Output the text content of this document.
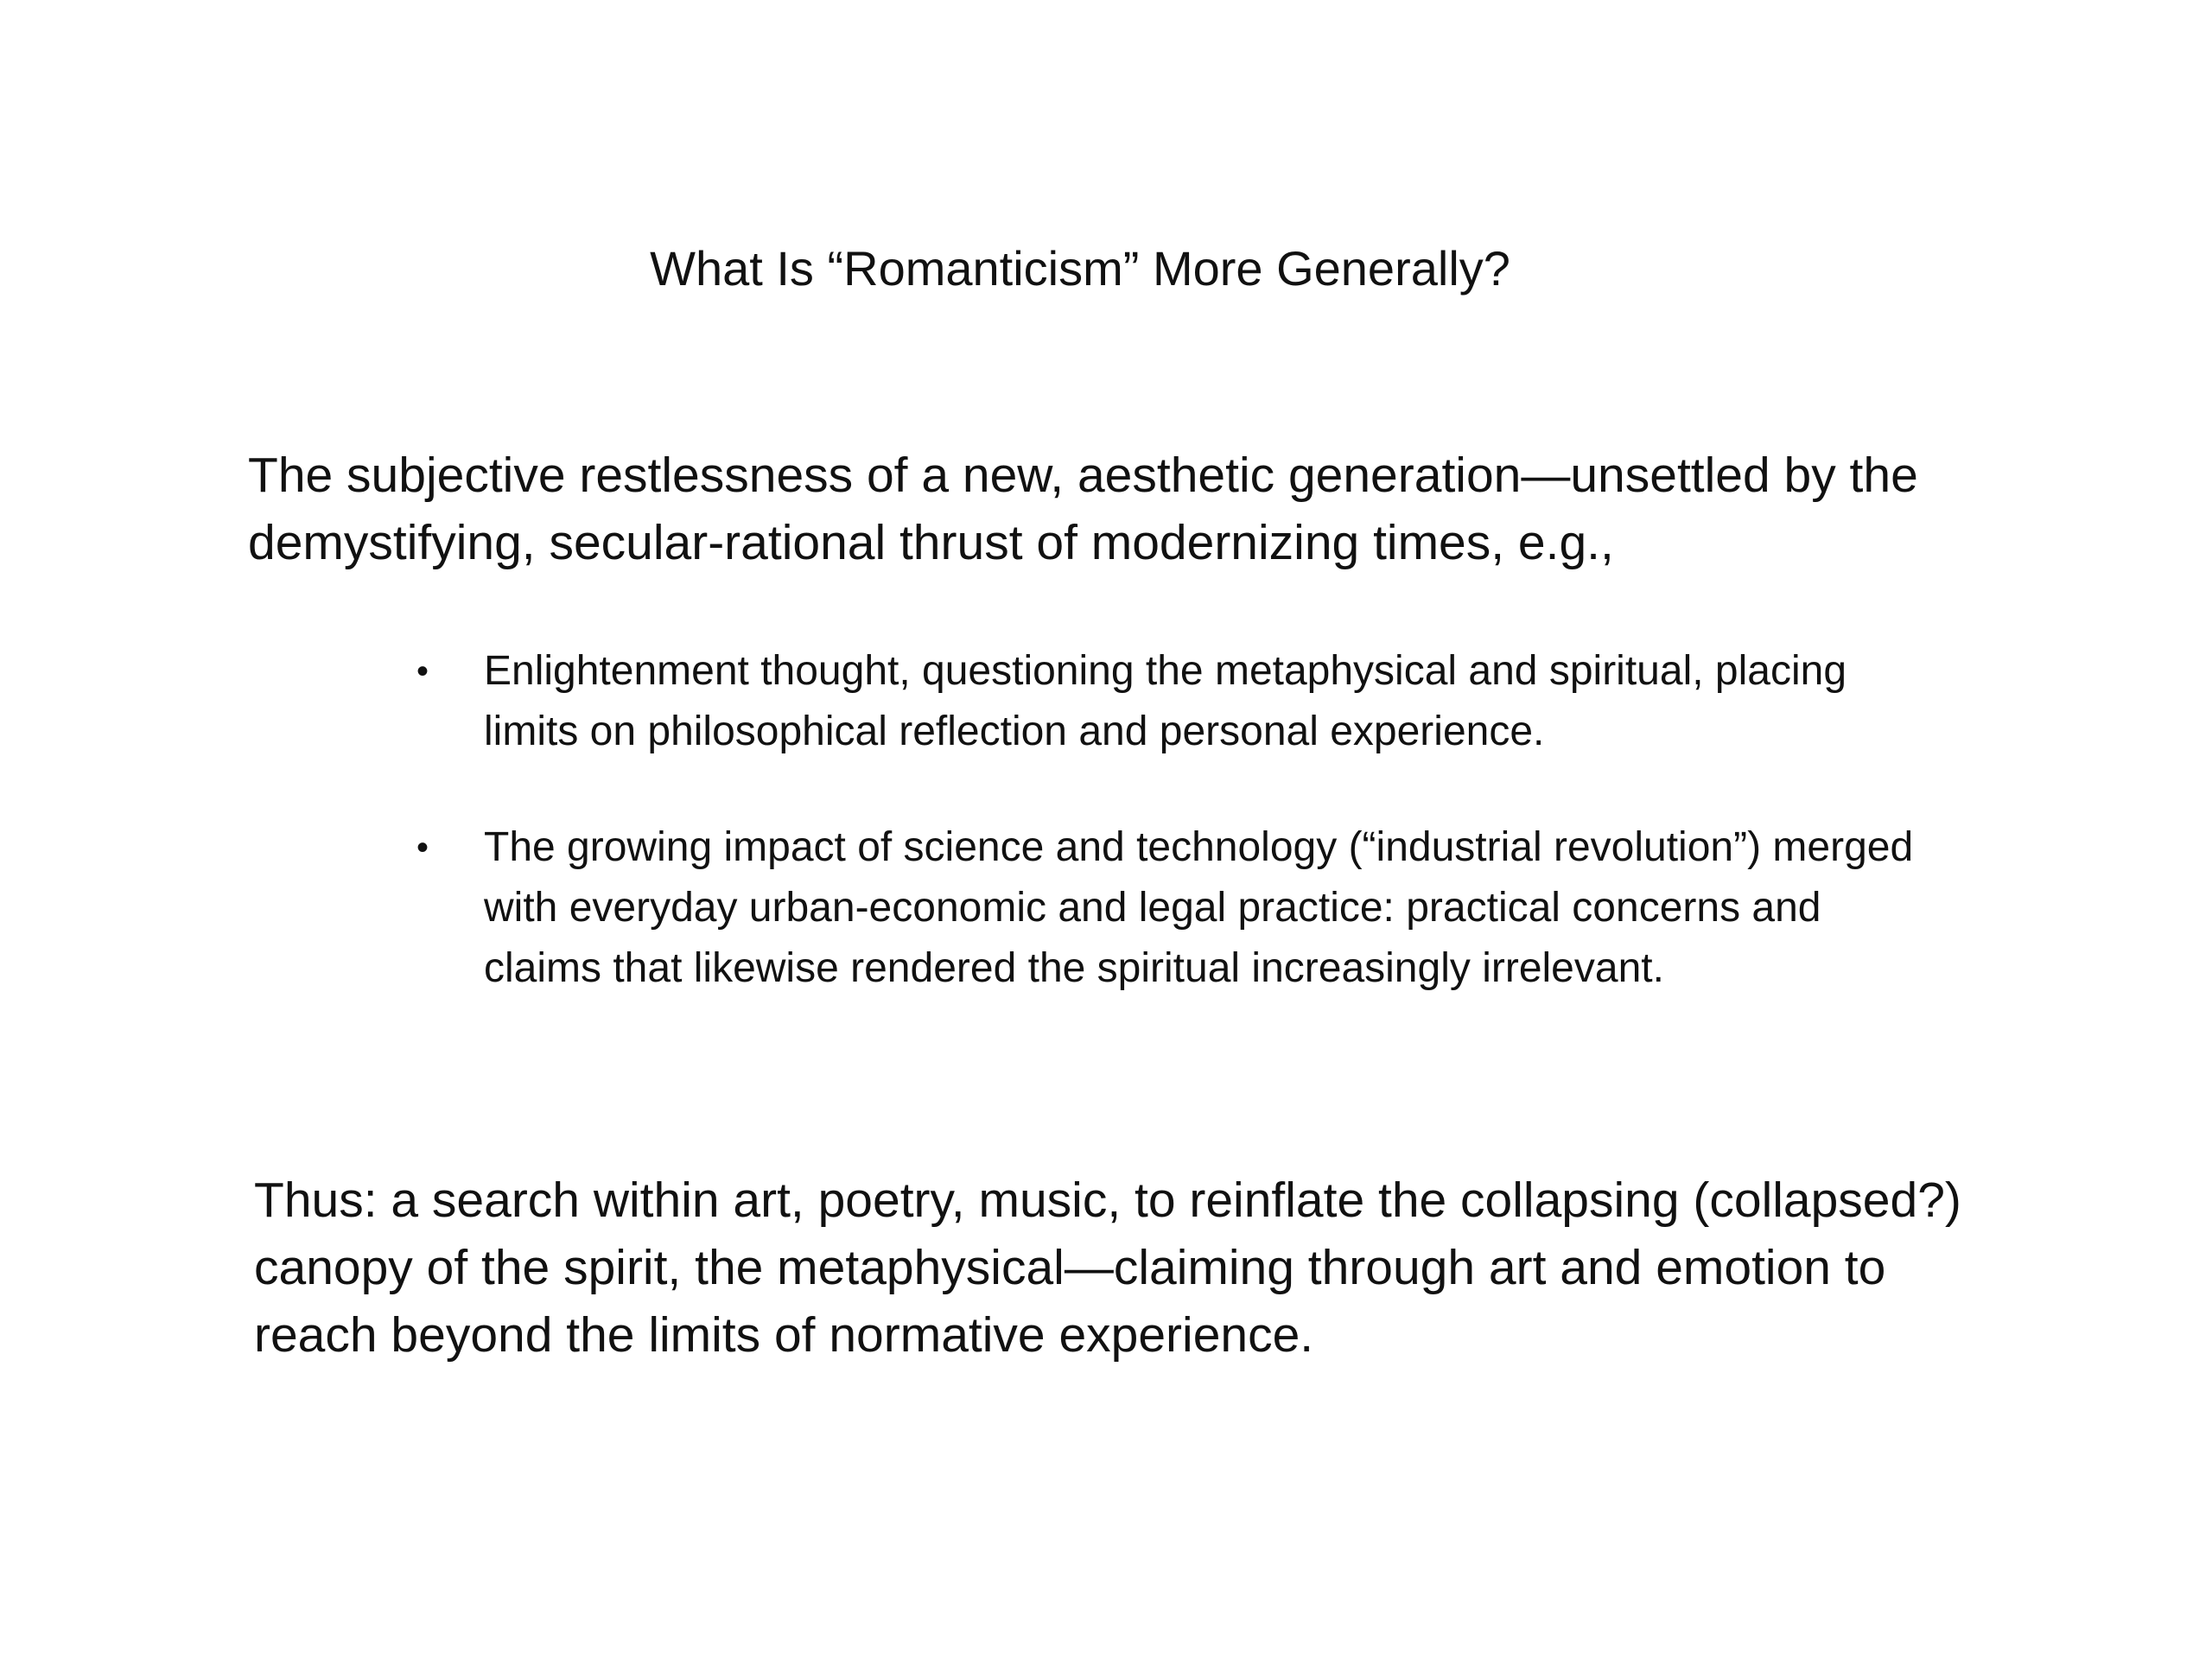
What Is “Romanticism” More Generally?

The subjective restlessness of a new, aesthetic generation—unsettled by the demystifying, secular-rational thrust of modernizing times, e.g.,

•	Enlightenment thought, questioning the metaphysical and spiritual, placing limits on philosophical reflection and personal experience.
•	The growing impact of science and technology (“industrial revolution”) merged with everyday urban-economic and legal practice: practical concerns and claims that likewise rendered the spiritual increasingly irrelevant.

Thus: a search within art, poetry, music, to reinflate the collapsing (collapsed?) canopy of the spirit, the metaphysical—claiming through art and emotion to reach beyond the limits of normative experience.
